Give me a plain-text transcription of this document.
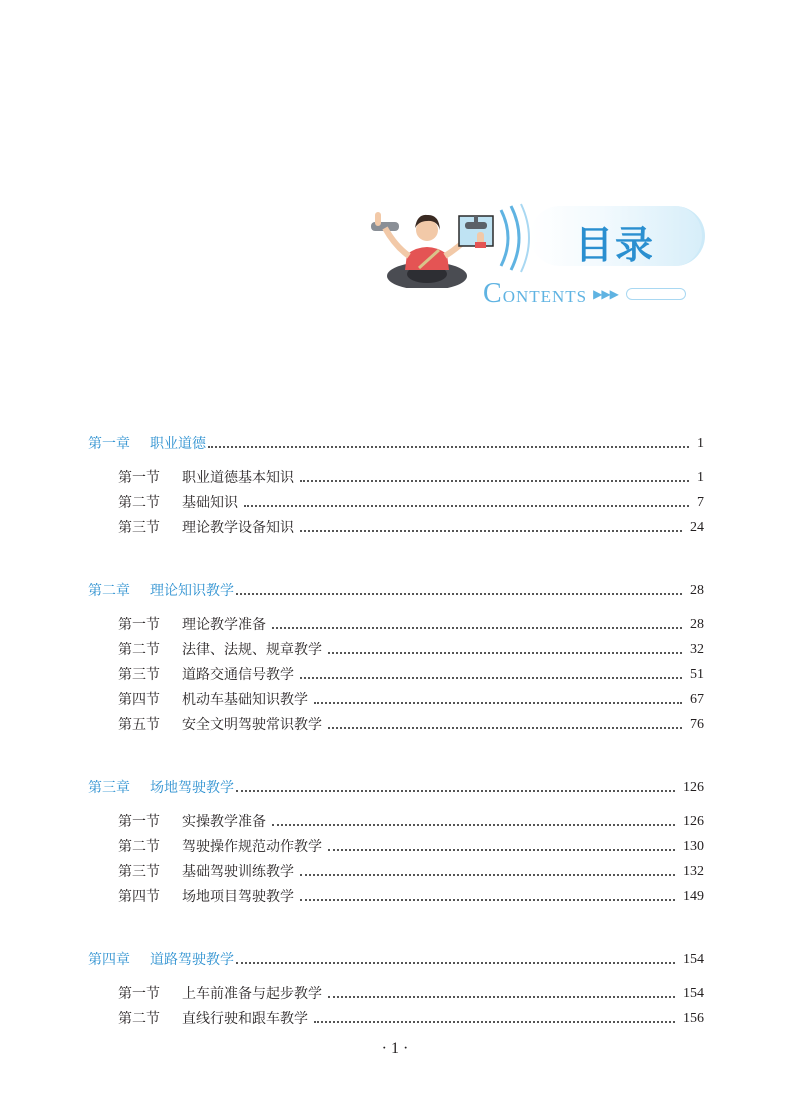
目录
CONTENTS ▶▶▶
第一章	职业道德	1
第一节	职业道德基本知识	1
第二节	基础知识	7
第三节	理论教学设备知识	24
第二章	理论知识教学	28
第一节	理论教学准备	28
第二节	法律、法规、规章教学	32
第三节	道路交通信号教学	51
第四节	机动车基础知识教学	67
第五节	安全文明驾驶常识教学	76
第三章	场地驾驶教学	126
第一节	实操教学准备	126
第二节	驾驶操作规范动作教学	130
第三节	基础驾驶训练教学	132
第四节	场地项目驾驶教学	149
第四章	道路驾驶教学	154
第一节	上车前准备与起步教学	154
第二节	直线行驶和跟车教学	156
· 1 ·
